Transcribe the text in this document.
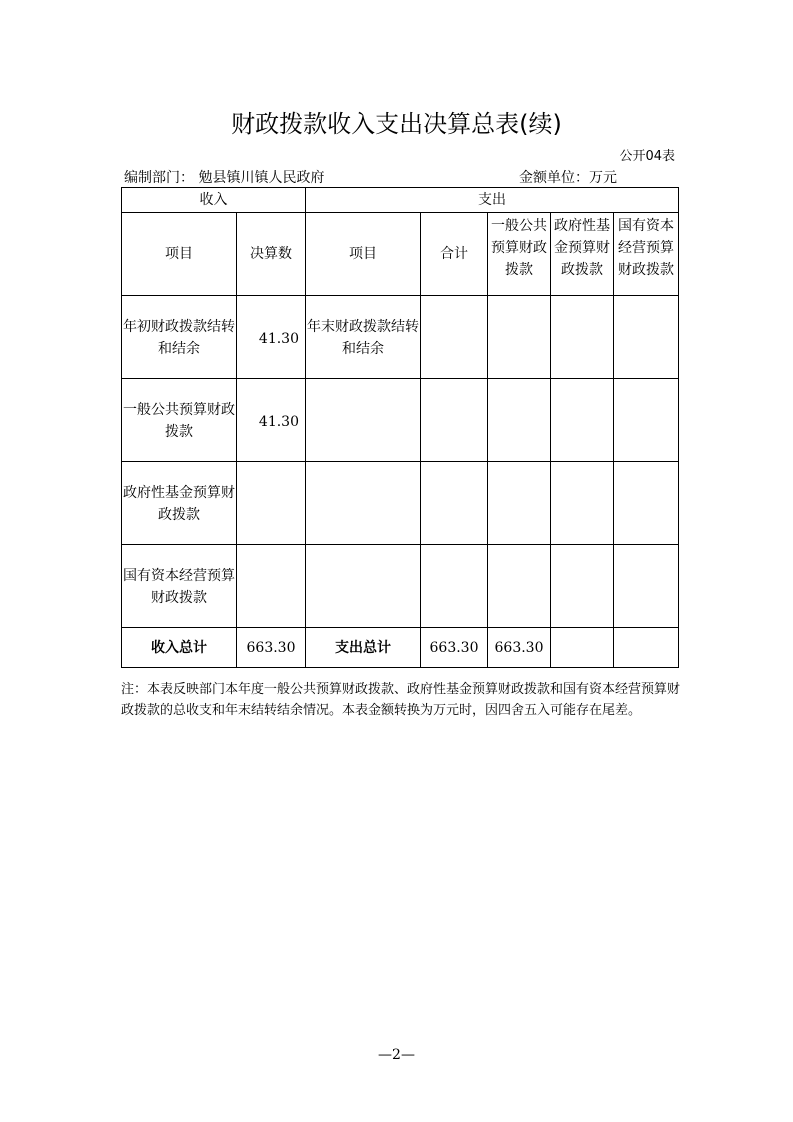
财政拨款收入支出决算总表(续)
公开04表
编制部门： 勉县镇川镇人民政府	金额单位：万元
收入		支出				
项目	决算数	项目	合计	一般公共预算财政拨款	政府性基金预算财政拨款	国有资本经营预算财政拨款
年初财政拨款结转和结余	41.30	年末财政拨款结转和结余				
一般公共预算财政拨款	41.30					
政府性基金预算财政拨款						
国有资本经营预算财政拨款						
收入总计	663.30	支出总计	663.30	663.30		
注：本表反映部门本年度一般公共预算财政拨款、政府性基金预算财政拨款和国有资本经营预算财政拨款的总收支和年末结转结余情况。本表金额转换为万元时，因四舍五入可能存在尾差。
—2—
